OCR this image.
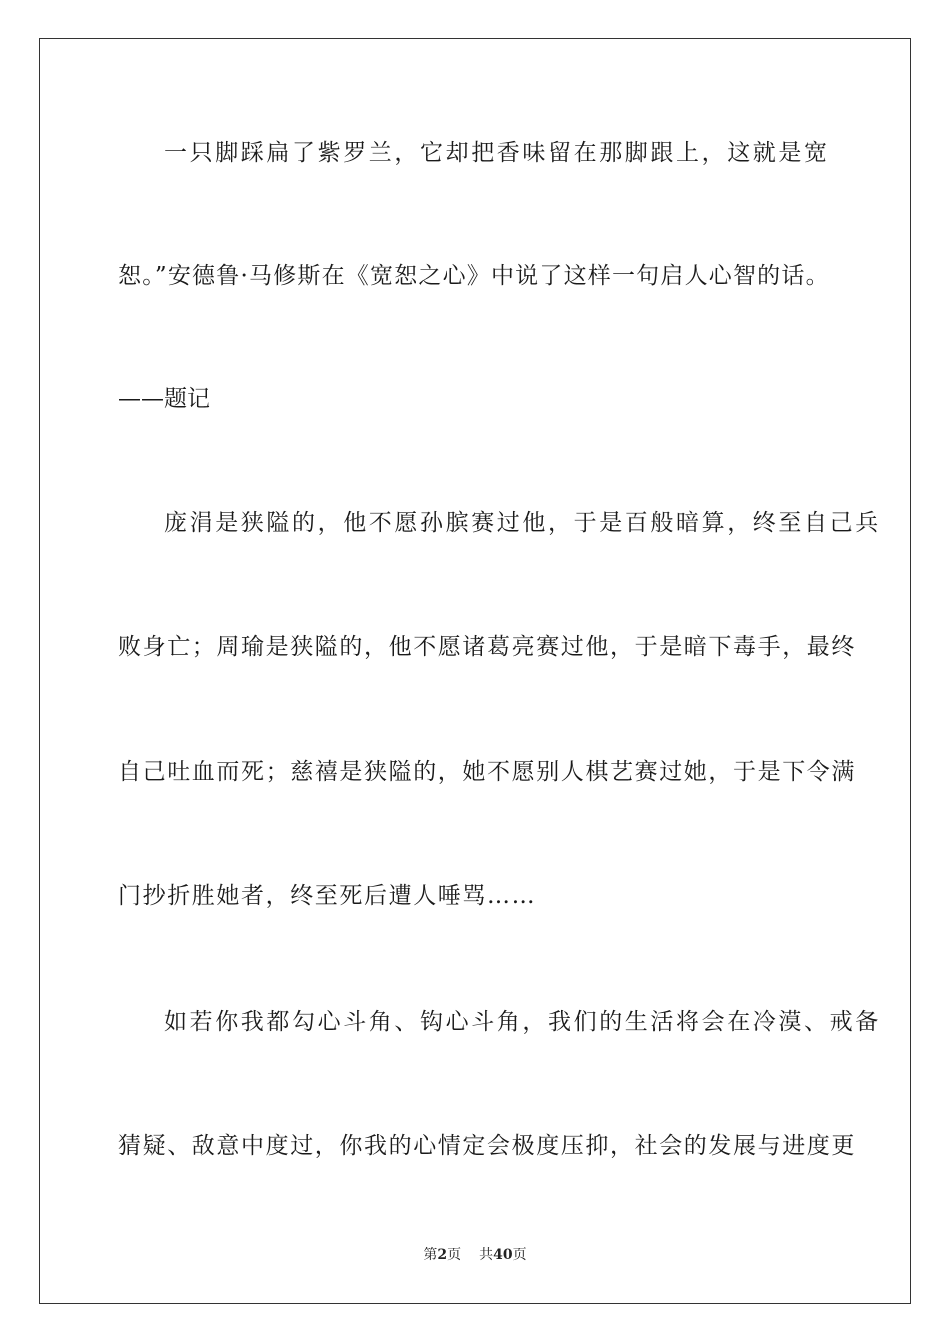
一只脚踩扁了紫罗兰，它却把香味留在那脚跟上，这就是宽
恕。”安德鲁·马修斯在《宽恕之心》中说了这样一句启人心智的话。
——题记
庞涓是狭隘的，他不愿孙膑赛过他，于是百般暗算，终至自己兵
败身亡；周瑜是狭隘的，他不愿诸葛亮赛过他，于是暗下毒手，最终
自己吐血而死；慈禧是狭隘的，她不愿别人棋艺赛过她，于是下令满
门抄折胜她者，终至死后遭人唾骂……
如若你我都勾心斗角、钩心斗角，我们的生活将会在冷漠、戒备
猜疑、敌意中度过，你我的心情定会极度压抑，社会的发展与进度更
第2页 共40页
